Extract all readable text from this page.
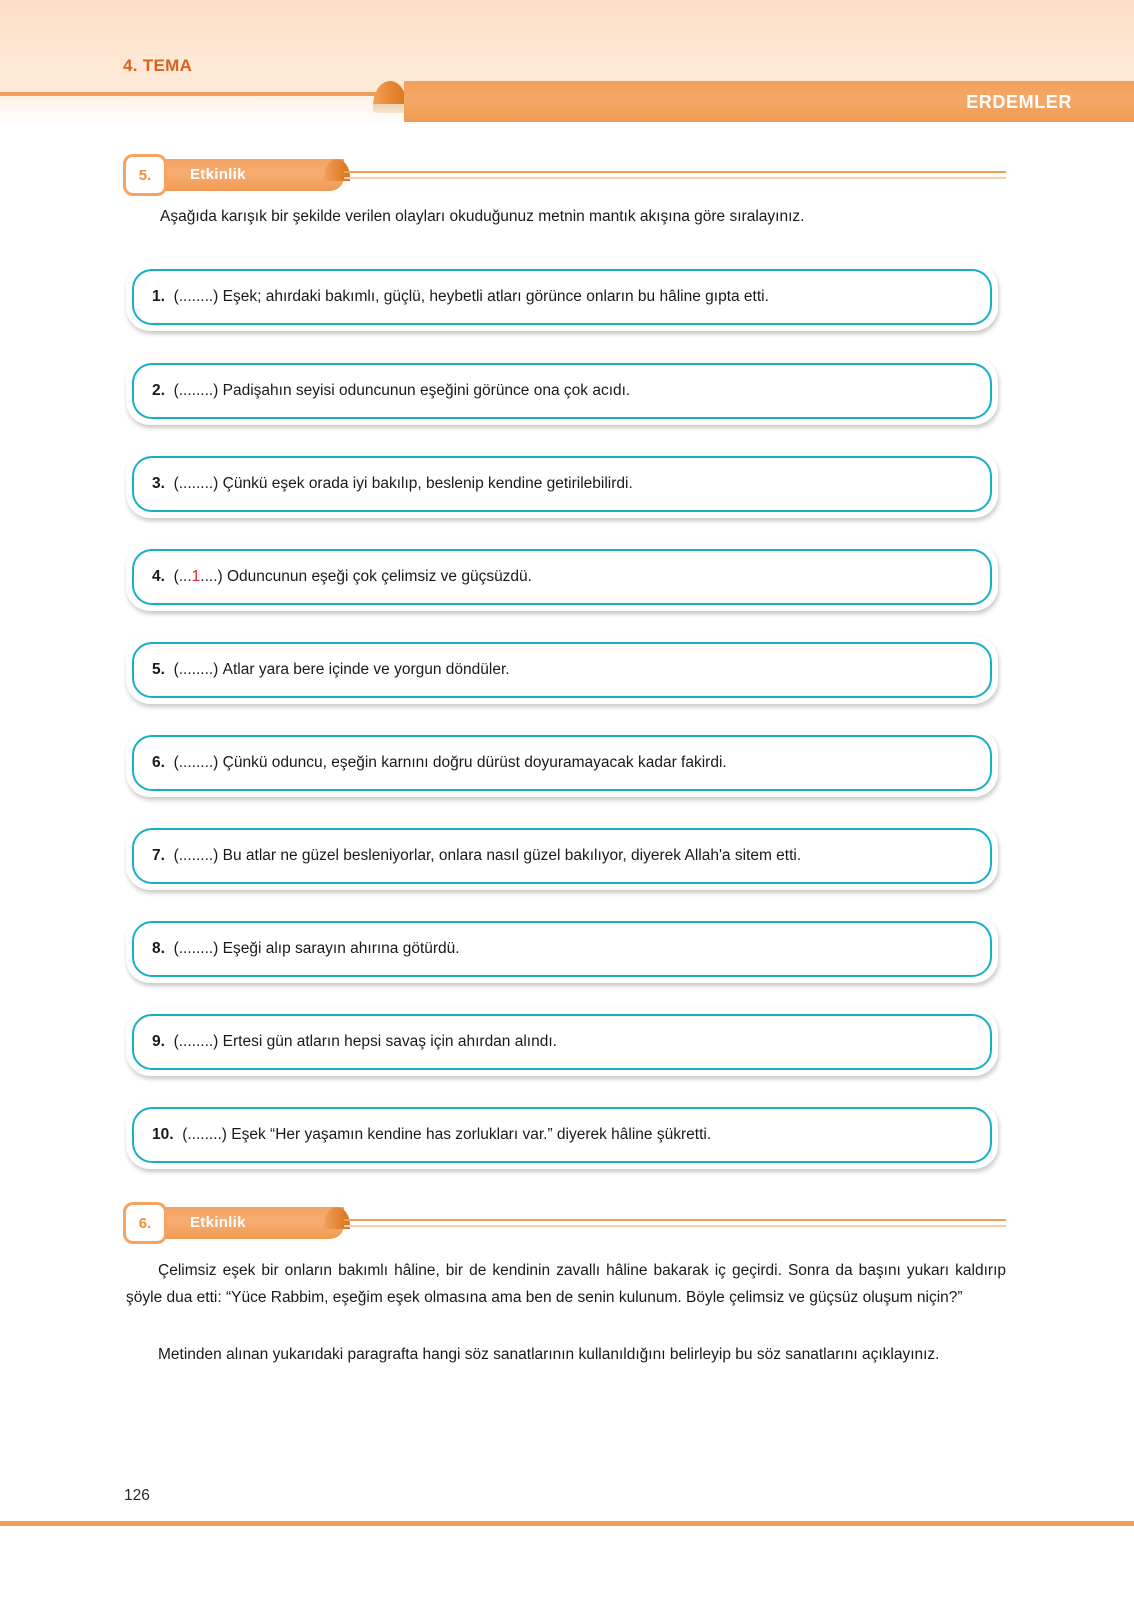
4. TEMA
ERDEMLER
5.	Etkinlik
Aşağıda karışık bir şekilde verilen olayları okuduğunuz metnin mantık akışına göre sıralayınız.
1. (........) Eşek; ahırdaki bakımlı, güçlü, heybetli atları görünce onların bu hâline gıpta etti.
2. (........) Padişahın seyisi oduncunun eşeğini görünce ona çok acıdı.
3. (........) Çünkü eşek orada iyi bakılıp, beslenip kendine getirilebilirdi.
4. (...1....) Oduncunun eşeği çok çelimsiz ve güçsüzdü.
5. (........) Atlar yara bere içinde ve yorgun döndüler.
6. (........) Çünkü oduncu, eşeğin karnını doğru dürüst doyuramayacak kadar fakirdi.
7. (........) Bu atlar ne güzel besleniyorlar, onlara nasıl güzel bakılıyor, diyerek Allah'a sitem etti.
8. (........) Eşeği alıp sarayın ahırına götürdü.
9. (........) Ertesi gün atların hepsi savaş için ahırdan alındı.
10. (........) Eşek “Her yaşamın kendine has zorlukları var.” diyerek hâline şükretti.
6.	Etkinlik
Çelimsiz eşek bir onların bakımlı hâline, bir de kendinin zavallı hâline bakarak iç geçirdi. Sonra da başını yukarı kaldırıp şöyle dua etti: “Yüce Rabbim, eşeğim eşek olmasına ama ben de senin kulunum. Böyle çelimsiz ve güçsüz oluşum niçin?”
Metinden alınan yukarıdaki paragrafta hangi söz sanatlarının kullanıldığını belirleyip bu söz sanatlarını açıklayınız.
126
